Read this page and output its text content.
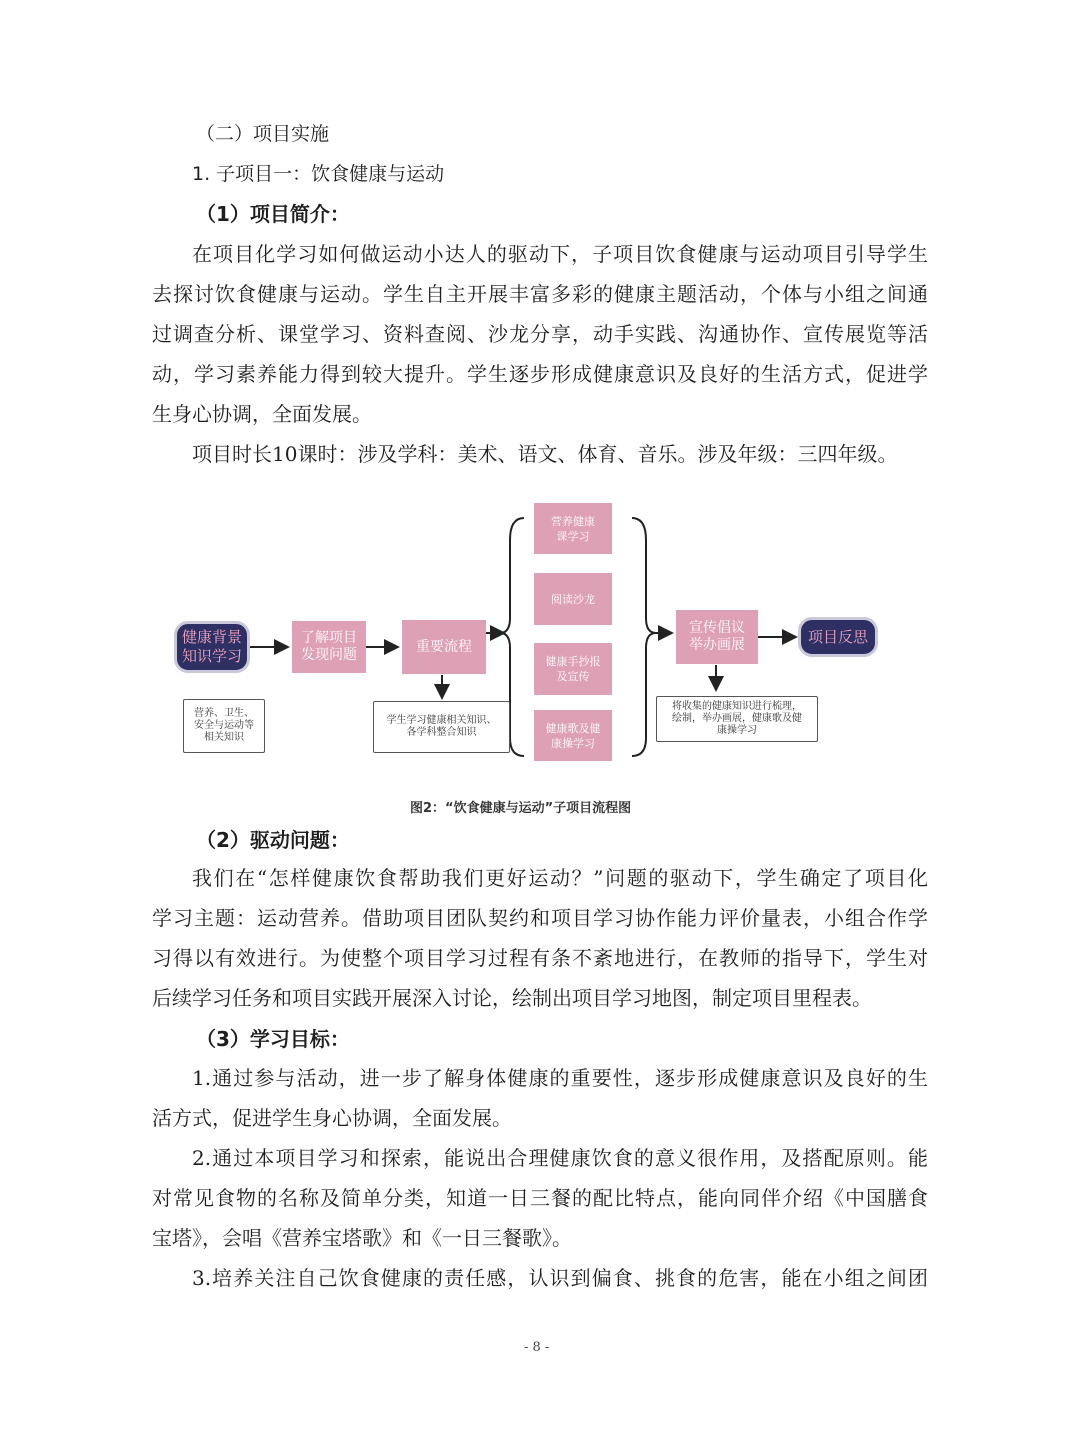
（二）项目实施
1. 子项目一：饮食健康与运动
（1）项目简介：
在项目化学习如何做运动小达人的驱动下，子项目饮食健康与运动项目引导学生
去探讨饮食健康与运动。学生自主开展丰富多彩的健康主题活动，个体与小组之间通
过调查分析、课堂学习、资料查阅、沙龙分享，动手实践、沟通协作、宣传展览等活
动，学习素养能力得到较大提升。学生逐步形成健康意识及良好的生活方式，促进学
生身心协调，全面发展。
项目时长10课时：涉及学科：美术、语文、体育、音乐。涉及年级：三四年级。
健康背景
知识学习
营养、卫生、
安全与运动等
相关知识
了解项目
发现问题
重要流程
学生学习健康相关知识、
各学科整合知识
营养健康
课学习
阅读沙龙
健康手抄报
及宣传
健康歌及健
康操学习
宣传倡议
举办画展
将收集的健康知识进行梳理，
绘制，举办画展，健康歌及健
康操学习
项目反思
图2：“饮食健康与运动”子项目流程图
（2）驱动问题：
我们在“怎样健康饮食帮助我们更好运动？”问题的驱动下，学生确定了项目化
学习主题：运动营养。借助项目团队契约和项目学习协作能力评价量表，小组合作学
习得以有效进行。为使整个项目学习过程有条不紊地进行，在教师的指导下，学生对
后续学习任务和项目实践开展深入讨论，绘制出项目学习地图，制定项目里程表。
（3）学习目标：
1.通过参与活动，进一步了解身体健康的重要性，逐步形成健康意识及良好的生
活方式，促进学生身心协调，全面发展。
2.通过本项目学习和探索，能说出合理健康饮食的意义很作用，及搭配原则。能
对常见食物的名称及简单分类，知道一日三餐的配比特点，能向同伴介绍《中国膳食
宝塔》，会唱《营养宝塔歌》和《一日三餐歌》。
3.培养关注自己饮食健康的责任感，认识到偏食、挑食的危害，能在小组之间团
- 8 -
